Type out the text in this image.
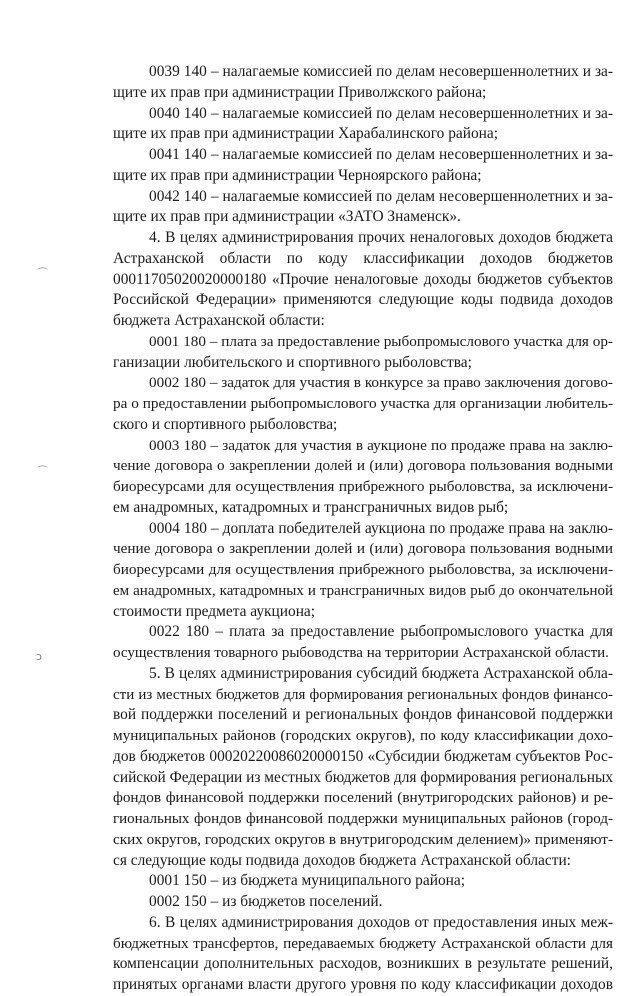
⌒
⌒
ↄ
0039 140 – налагаемые комиссией по делам несовершеннолетних и за-
щите их прав при администрации Приволжского района;
0040 140 – налагаемые комиссией по делам несовершеннолетних и за-
щите их прав при администрации Харабалинского района;
0041 140 – налагаемые комиссией по делам несовершеннолетних и за-
щите их прав при администрации Черноярского района;
0042 140 – налагаемые комиссией по делам несовершеннолетних и за-
щите их прав при администрации «ЗАТО Знаменск».
4. В целях администрирования прочих неналоговых доходов бюджета
Астраханской области по коду классификации доходов бюджетов
00011705020020000180 «Прочие неналоговые доходы бюджетов субъектов
Российской Федерации» применяются следующие коды подвида доходов
бюджета Астраханской области:
0001 180 – плата за предоставление рыбопромыслового участка для ор-
ганизации любительского и спортивного рыболовства;
0002 180 – задаток для участия в конкурсе за право заключения догово-
ра о предоставлении рыбопромыслового участка для организации любитель-
ского и спортивного рыболовства;
0003 180 – задаток для участия в аукционе по продаже права на заклю-
чение договора о закреплении долей и (или) договора пользования водными
биоресурсами для осуществления прибрежного рыболовства, за исключени-
ем анадромных, катадромных и трансграничных видов рыб;
0004 180 – доплата победителей аукциона по продаже права на заклю-
чение договора о закреплении долей и (или) договора пользования водными
биоресурсами для осуществления прибрежного рыболовства, за исключени-
ем анадромных, катадромных и трансграничных видов рыб до окончательной
стоимости предмета аукциона;
0022 180 – плата за предоставление рыбопромыслового участка для
осуществления товарного рыбоводства на территории Астраханской области.
5. В целях администрирования субсидий бюджета Астраханской обла-
сти из местных бюджетов для формирования региональных фондов финансо-
вой поддержки поселений и региональных фондов финансовой поддержки
муниципальных районов (городских округов), по коду классификации дохо-
дов бюджетов 00020220086020000150 «Субсидии бюджетам субъектов Рос-
сийской Федерации из местных бюджетов для формирования региональных
фондов финансовой поддержки поселений (внутригородских районов) и ре-
гиональных фондов финансовой поддержки муниципальных районов (город-
ских округов, городских округов в внутригородским делением)» применяют-
ся следующие коды подвида доходов бюджета Астраханской области:
0001 150 – из бюджета муниципального района;
0002 150 – из бюджетов поселений.
6. В целях администрирования доходов от предоставления иных меж-
бюджетных трансфертов, передаваемых бюджету Астраханской области для
компенсации дополнительных расходов, возникших в результате решений,
принятых органами власти другого уровня по коду классификации доходов
